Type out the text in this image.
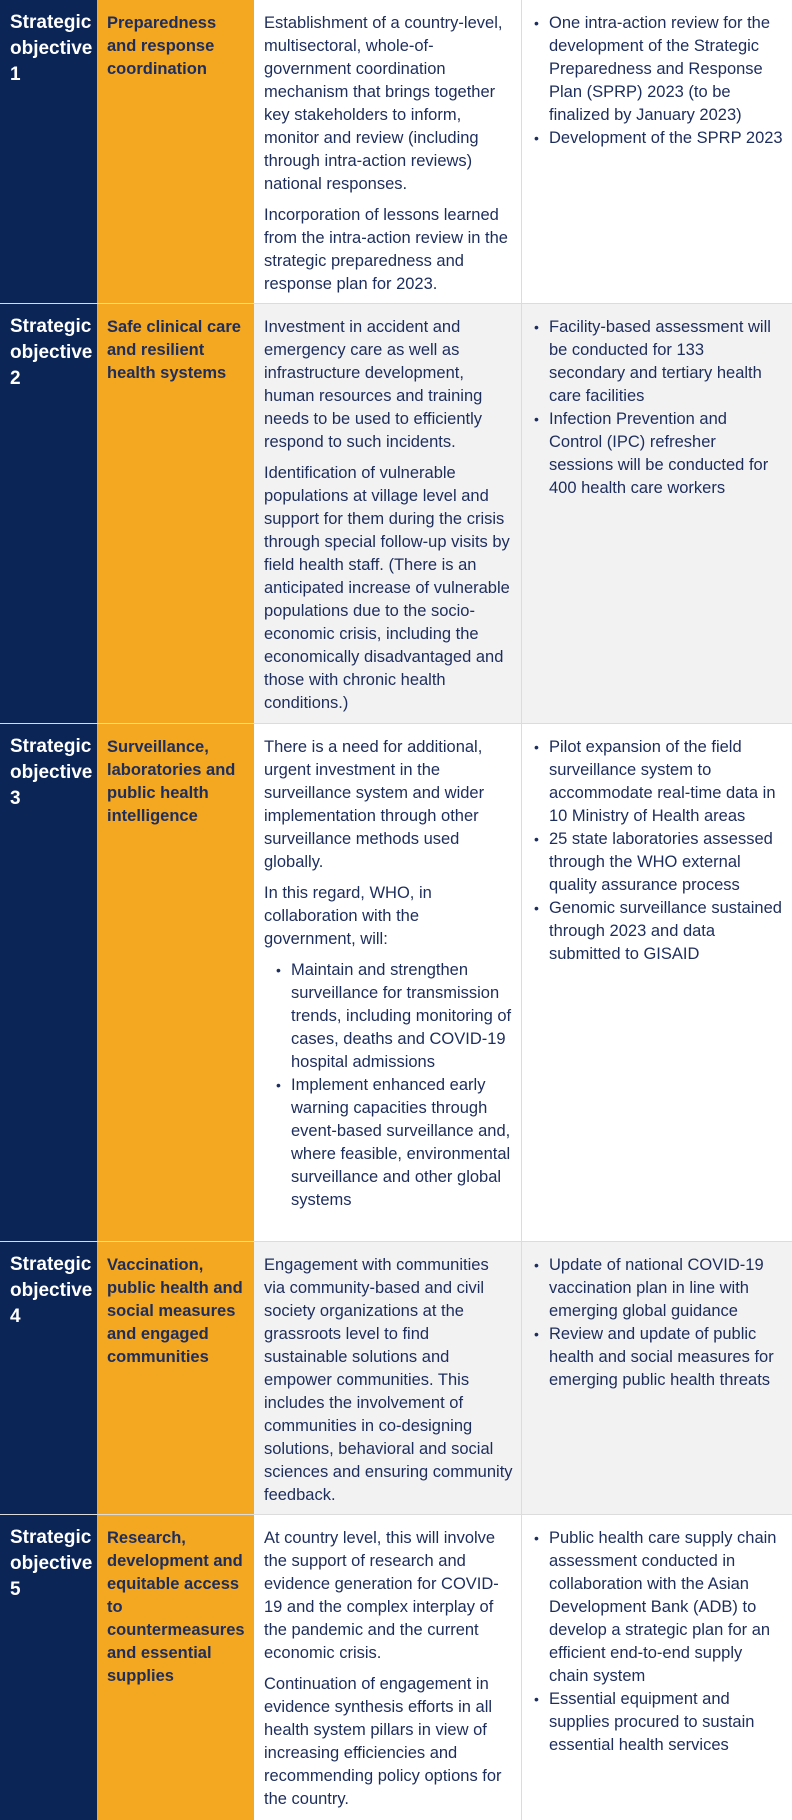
Strategic objective 1
Preparedness and response coordination

Establishment of a country-level, multisectoral, whole-of-government coordination mechanism that brings together key stakeholders to inform, monitor and review (including through intra-action reviews) national responses.

Incorporation of lessons learned from the intra-action review in the strategic preparedness and response plan for 2023.

• One intra-action review for the development of the Strategic Preparedness and Response Plan (SPRP) 2023 (to be finalized by January 2023)
• Development of the SPRP 2023
Strategic objective 2
Safe clinical care and resilient health systems

Investment in accident and emergency care as well as infrastructure development, human resources and training needs to be used to efficiently respond to such incidents.

Identification of vulnerable populations at village level and support for them during the crisis through special follow-up visits by field health staff. (There is an anticipated increase of vulnerable populations due to the socio-economic crisis, including the economically disadvantaged and those with chronic health conditions.)

• Facility-based assessment will be conducted for 133 secondary and tertiary health care facilities
• Infection Prevention and Control (IPC) refresher sessions will be conducted for 400 health care workers
Strategic objective 3
Surveillance, laboratories and public health intelligence

There is a need for additional, urgent investment in the surveillance system and wider implementation through other surveillance methods used globally.

In this regard, WHO, in collaboration with the government, will:

• Maintain and strengthen surveillance for transmission trends, including monitoring of cases, deaths and COVID-19 hospital admissions
• Implement enhanced early warning capacities through event-based surveillance and, where feasible, environmental surveillance and other global systems
• Pilot expansion of the field surveillance system to accommodate real-time data in 10 Ministry of Health areas
• 25 state laboratories assessed through the WHO external quality assurance process
• Genomic surveillance sustained through 2023 and data submitted to GISAID
Strategic objective 4
Vaccination, public health and social measures and engaged communities

Engagement with communities via community-based and civil society organizations at the grassroots level to find sustainable solutions and empower communities. This includes the involvement of communities in co-designing solutions, behavioral and social sciences and ensuring community feedback.

• Update of national COVID-19 vaccination plan in line with emerging global guidance
• Review and update of public health and social measures for emerging public health threats
Strategic objective 5
Research, development and equitable access to countermeasures and essential supplies

At country level, this will involve the support of research and evidence generation for COVID-19 and the complex interplay of the pandemic and the current economic crisis.

Continuation of engagement in evidence synthesis efforts in all health system pillars in view of increasing efficiencies and recommending policy options for the country.

• Public health care supply chain assessment conducted in collaboration with the Asian Development Bank (ADB) to develop a strategic plan for an efficient end-to-end supply chain system
• Essential equipment and supplies procured to sustain essential health services
